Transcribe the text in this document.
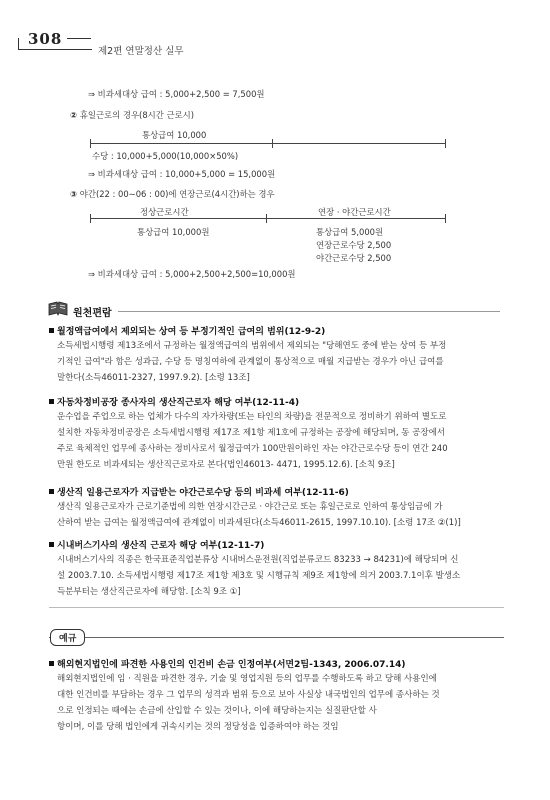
308
제2편 연말정산 실무
⇒ 비과세대상 급여 : 5,000+2,500 = 7,500원
② 휴일근로의 경우(8시간 근로시)
통상급여 10,000
수당 : 10,000+5,000(10,000×50%)
⇒ 비과세대상 급여 : 10,000+5,000 = 15,000원
③ 야간(22 : 00∼06 : 00)에 연장근로(4시간)하는 경우
정상근로시간	연장 · 야간근로시간
통상급여 10,000원	통상급여 5,000원
연장근로수당 2,500
야간근로수당 2,500
⇒ 비과세대상 급여 : 5,000+2,500+2,500=10,000원
원천편람
월정액급여에서 제외되는 상여 등 부정기적인 급여의 범위(12-9-2)
소득세법시행령 제13조에서 규정하는 월정액급여의 범위에서 제외되는 "당해연도 중에 받는 상여 등 부정
기적인 급여"라 함은 성과급, 수당 등 명칭여하에 관계없이 통상적으로 매월 지급받는 경우가 아닌 급여를
말한다(소득46011-2327, 1997.9.2). [소령 13조]
자동차정비공장 종사자의 생산직근로자 해당 여부(12-11-4)
운수업을 주업으로 하는 업체가 다수의 자가차량(또는 타인의 차량)을 전문적으로 정비하기 위하여 별도로
설치한 자동차정비공장은 소득세법시행령 제17조 제1항 제1호에 규정하는 공장에 해당되며, 동 공장에서
주로 육체적인 업무에 종사하는 정비사로서 월정급여가 100만원이하인 자는 야간근로수당 등이 연간 240
만원 한도로 비과세되는 생산직근로자로 본다(법인46013- 4471, 1995.12.6). [소칙 9조]
생산직 일용근로자가 지급받는 야간근로수당 등의 비과세 여부(12-11-6)
생산직 일용근로자가 근로기준법에 의한 연장시간근로 · 야간근로 또는 휴일근로로 인하여 통상임금에 가
산하여 받는 급여는 월정액급여에 관계없이 비과세된다(소득46011-2615, 1997.10.10). [소령 17조 ②(1)]
시내버스기사의 생산직 근로자 해당 여부(12-11-7)
시내버스기사의 직종은 한국표준직업분류상 시내버스운전원(직업분류코드 83233 → 84231)에 해당되며 신
설 2003.7.10. 소득세법시행령 제17조 제1항 제3호 및 시행규칙 제9조 제1항에 의거 2003.7.1이후 발생소
득분부터는 생산직근로자에 해당함. [소칙 9조 ①]
예규
해외현지법인에 파견한 사용인의 인건비 손금 인정여부(서면2팀-1343, 2006.07.14)
해외현지법인에 임 · 직원을 파견한 경우, 기술 및 영업지원 등의 업무를 수행하도록 하고 당해 사용인에
대한 인건비를 부담하는 경우 그 업무의 성격과 범위 등으로 보아 사실상 내국법인의 업무에 종사하는 것
으로 인정되는 때에는 손금에 산입할 수 있는 것이나, 이에 해당하는지는 실질판단할 사
항이며, 이를 당해 법인에게 귀속시키는 것의 정당성을 입증하여야 하는 것임
